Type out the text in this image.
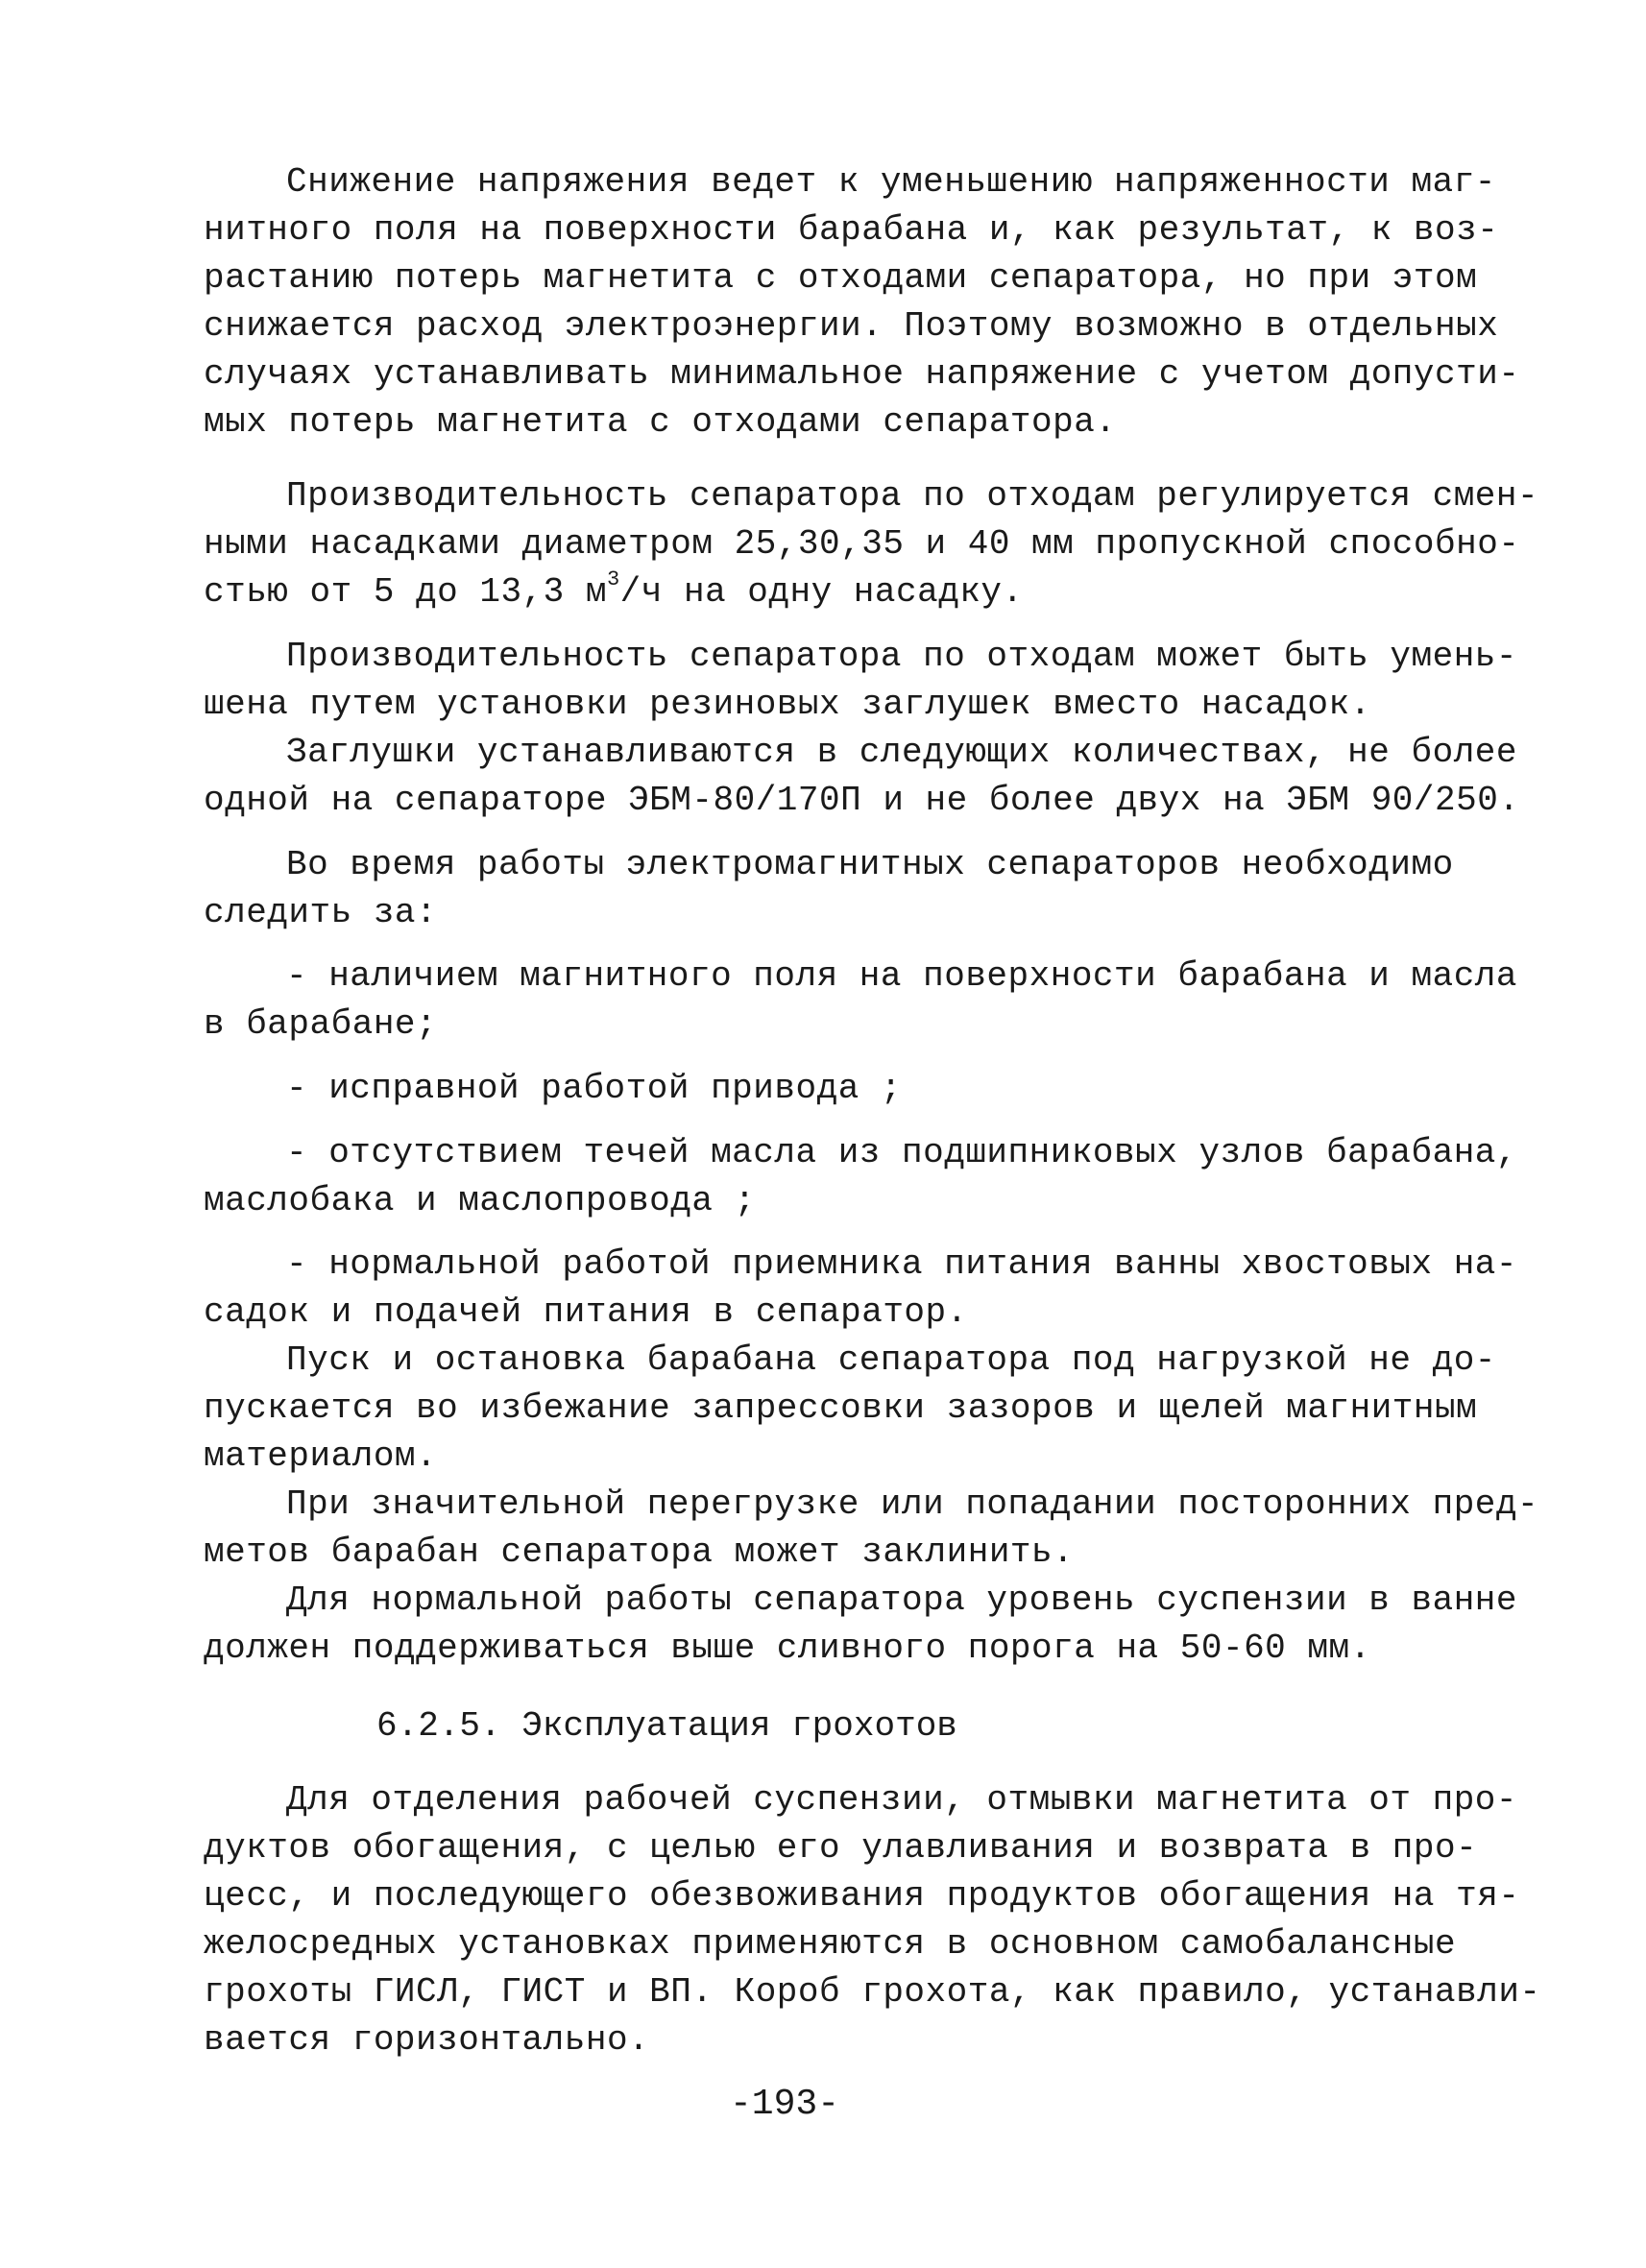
Снижение напряжения ведет к уменьшению напряженности маг-
нитного поля на поверхности барабана и, как результат, к воз-
растанию потерь магнетита с отходами сепаратора, но при этом
снижается расход электроэнергии. Поэтому возможно в отдельных
случаях устанавливать минимальное напряжение с учетом допусти-
мых потерь магнетита с отходами сепаратора.
Производительность сепаратора по отходам регулируется смен-
ными насадками диаметром 25,30,35 и 40 мм пропускной способно-
стью от 5 до 13,3 $м^3/ч$ на одну насадку.
Производительность сепаратора по отходам может быть умень-
шена путем установки резиновых заглушек вместо насадок.
Заглушки устанавливаются в следующих количествах, не более
одной на сепараторе ЭБМ-80/170П и не более двух на ЭБМ 90/250.
Во время работы электромагнитных сепараторов необходимо
следить за:
- наличием магнитного поля на поверхности барабана и масла
в барабане;
- исправной работой привода ;
- отсутствием течей масла из подшипниковых узлов барабана,
маслобака и маслопровода ;
- нормальной работой приемника питания ванны хвостовых на-
садок и подачей питания в сепаратор.
Пуск и остановка барабана сепаратора под нагрузкой не до-
пускается во избежание запрессовки зазоров и щелей магнитным
материалом.
При значительной перегрузке или попадании посторонних пред-
метов барабан сепаратора может заклинить.
Для нормальной работы сепаратора уровень суспензии в ванне
должен поддерживаться выше сливного порога на 50-60 мм.
6.2.5. Эксплуатация грохотов
Для отделения рабочей суспензии, отмывки магнетита от про-
дуктов обогащения, с целью его улавливания и возврата в про-
цесс, и последующего обезвоживания продуктов обогащения на тя-
желосредных установках применяются в основном самобалансные
грохоты ГИСЛ, ГИСТ и ВП. Короб грохота, как правило, устанавли-
вается горизонтально.
-193-
